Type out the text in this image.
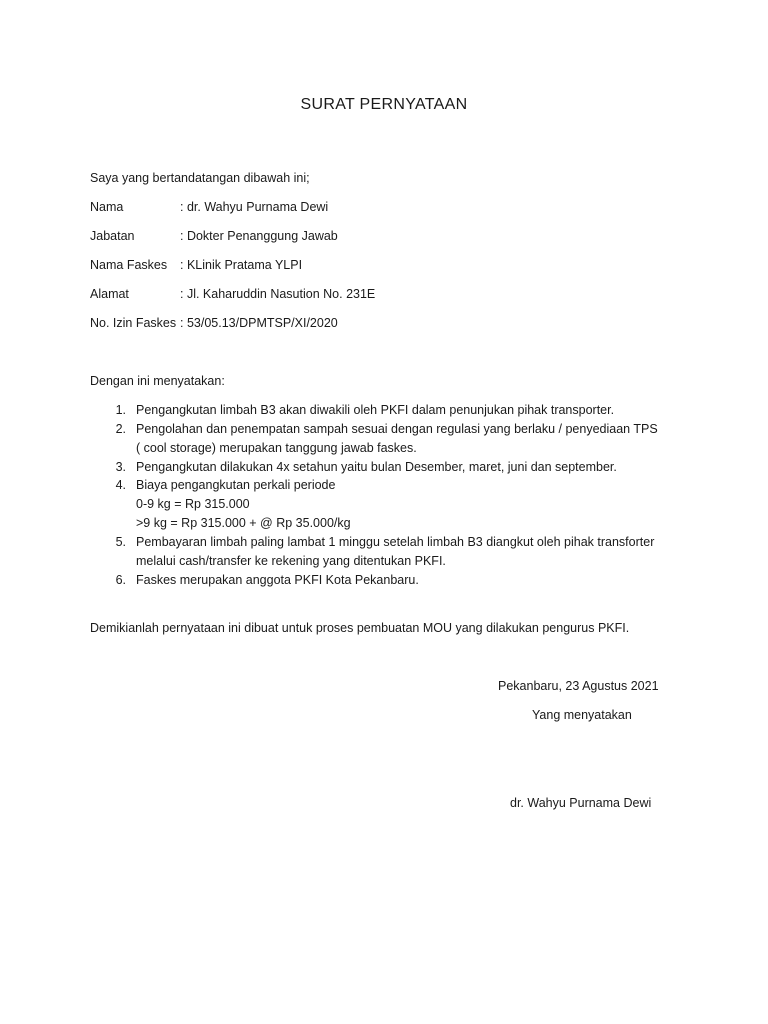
SURAT PERNYATAAN
Saya yang bertandatangan dibawah ini;
Nama	: dr. Wahyu Purnama Dewi
Jabatan	: Dokter Penanggung Jawab
Nama Faskes : KLinik Pratama YLPI
Alamat	: Jl. Kaharuddin Nasution No. 231E
No. Izin Faskes : 53/05.13/DPMTSP/XI/2020
Dengan ini menyatakan:
1. Pengangkutan limbah B3 akan diwakili oleh PKFI dalam penunjukan pihak transporter.
2. Pengolahan dan penempatan sampah sesuai dengan regulasi yang berlaku / penyediaan TPS
( cool storage) merupakan tanggung jawab faskes.
3. Pengangkutan dilakukan 4x setahun yaitu bulan Desember, maret, juni dan september.
4. Biaya pengangkutan perkali periode
0-9 kg = Rp 315.000
>9 kg = Rp 315.000 + @ Rp 35.000/kg
5. Pembayaran limbah paling lambat 1 minggu setelah limbah B3 diangkut oleh pihak transforter
melalui cash/transfer ke rekening yang ditentukan PKFI.
6. Faskes merupakan anggota PKFI Kota Pekanbaru.
Demikianlah pernyataan ini dibuat untuk proses pembuatan MOU yang dilakukan pengurus PKFI.
Pekanbaru, 23 Agustus 2021
Yang menyatakan
dr. Wahyu Purnama Dewi
